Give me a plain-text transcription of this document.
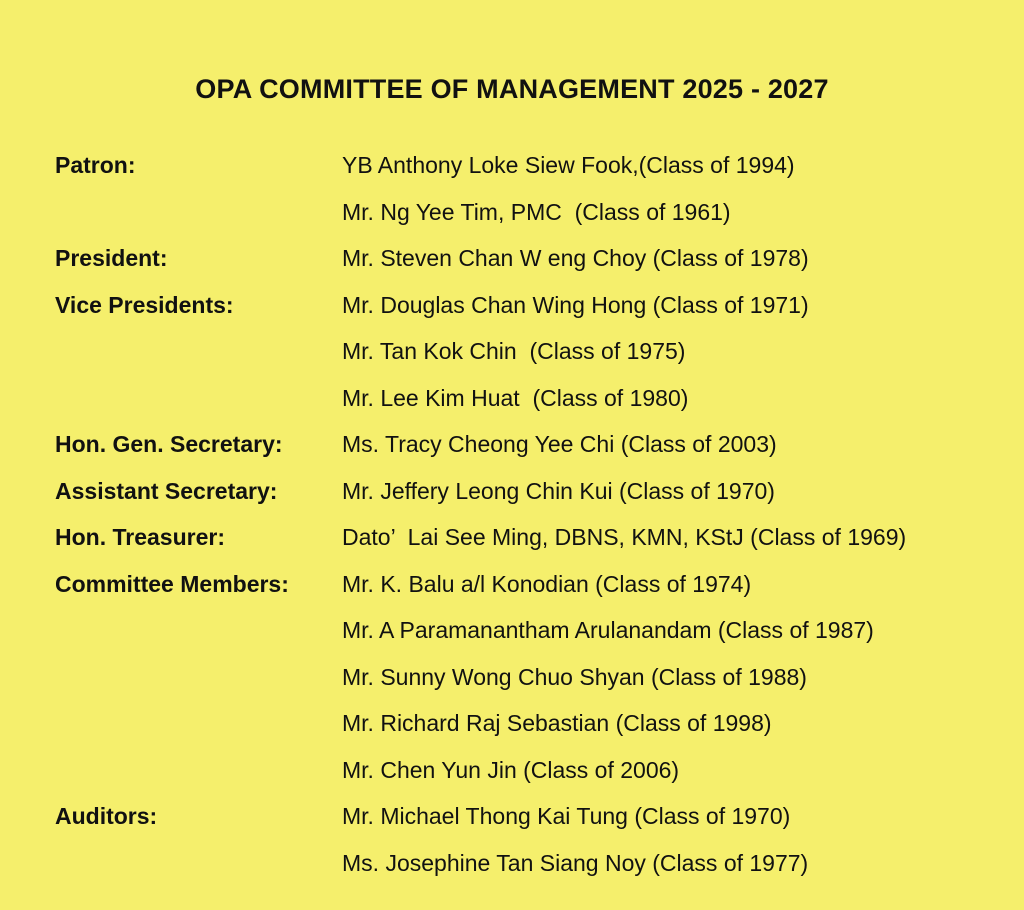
OPA COMMITTEE OF MANAGEMENT 2025 - 2027
Patron:	YB Anthony Loke Siew Fook,(Class of 1994)
Mr. Ng Yee Tim, PMC  (Class of 1961)
President:	Mr. Steven Chan W eng Choy (Class of 1978)
Vice Presidents:	Mr. Douglas Chan Wing Hong (Class of 1971)
Mr. Tan Kok Chin  (Class of 1975)
Mr. Lee Kim Huat  (Class of 1980)
Hon. Gen. Secretary:	Ms. Tracy Cheong Yee Chi (Class of 2003)
Assistant Secretary:	Mr. Jeffery Leong Chin Kui (Class of 1970)
Hon. Treasurer:	Dato’  Lai See Ming, DBNS, KMN, KStJ (Class of 1969)
Committee Members: Mr. K. Balu a/l Konodian (Class of 1974)
Mr. A Paramanantham Arulanandam (Class of 1987)
Mr. Sunny Wong Chuo Shyan (Class of 1988)
Mr. Richard Raj Sebastian (Class of 1998)
Mr. Chen Yun Jin (Class of 2006)
Auditors:	Mr. Michael Thong Kai Tung (Class of 1970)
Ms. Josephine Tan Siang Noy (Class of 1977)
